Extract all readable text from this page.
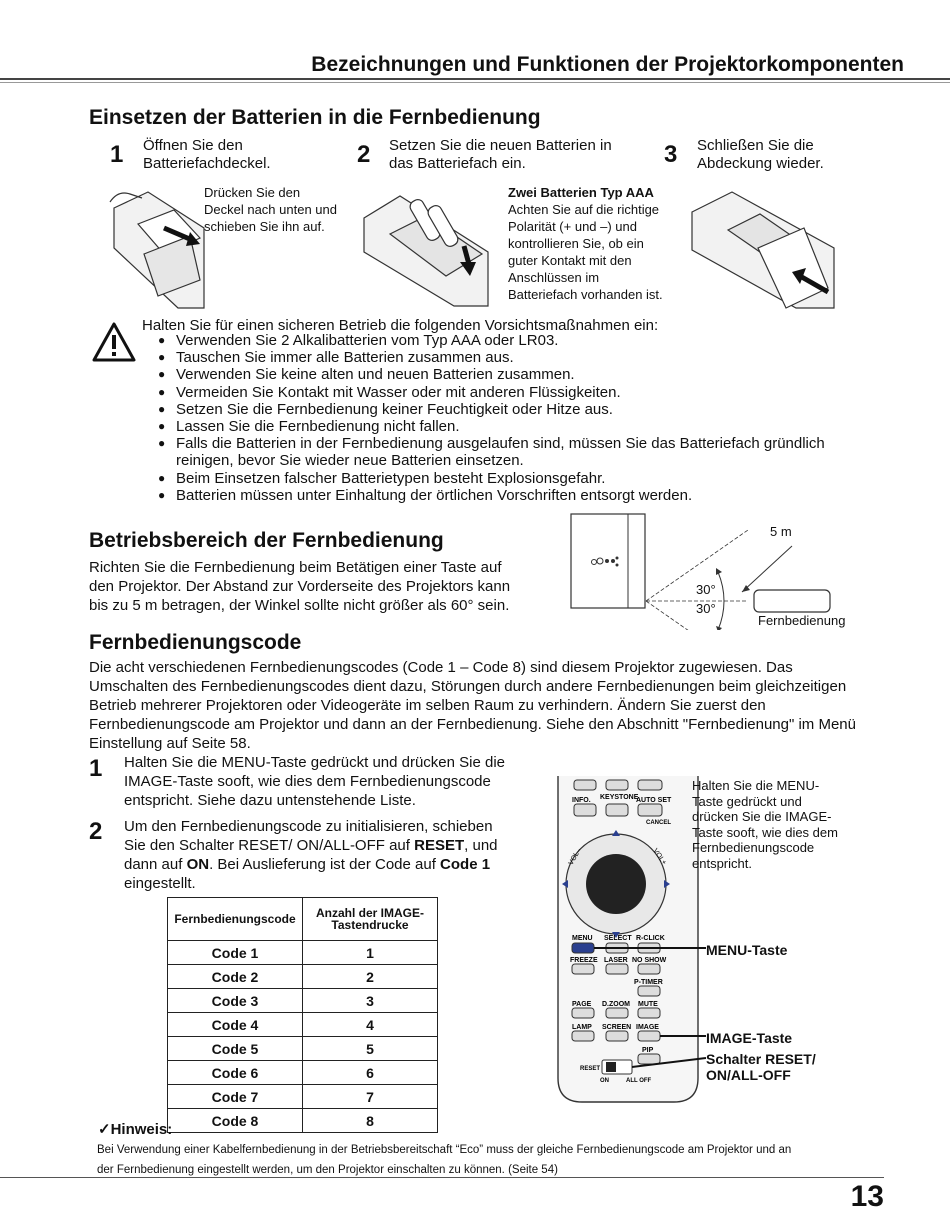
Bezeichnungen und Funktionen der Projektorkomponenten
Einsetzen der Batterien in die Fernbedienung
1 Öffnen Sie den
Batteriefachdeckel.	2 Setzen Sie die neuen Batterien in
das Batteriefach ein.	3 Schließen Sie die
Abdeckung wieder.
Drücken Sie den
Deckel nach unten und
schieben Sie ihn auf.
Zwei Batterien Typ AAA
Achten Sie auf die richtige
Polarität (+ und –) und
kontrollieren Sie, ob ein
guter Kontakt mit den
Anschlüssen im
Batteriefach vorhanden ist.
Halten Sie für einen sicheren Betrieb die folgenden Vorsichtsmaßnahmen ein:
● Verwenden Sie 2 Alkalibatterien vom Typ AAA oder LR03.
● Tauschen Sie immer alle Batterien zusammen aus.
● Verwenden Sie keine alten und neuen Batterien zusammen.
● Vermeiden Sie Kontakt mit Wasser oder mit anderen Flüssigkeiten.
● Setzen Sie die Fernbedienung keiner Feuchtigkeit oder Hitze aus.
● Lassen Sie die Fernbedienung nicht fallen.
● Falls die Batterien in der Fernbedienung ausgelaufen sind, müssen Sie das Batteriefach gründlich
reinigen, bevor Sie wieder neue Batterien einsetzen.
● Beim Einsetzen falscher Batterietypen besteht Explosionsgefahr.
● Batterien müssen unter Einhaltung der örtlichen Vorschriften entsorgt werden.
Betriebsbereich der Fernbedienung
Richten Sie die Fernbedienung beim Betätigen einer Taste auf
den Projektor. Der Abstand zur Vorderseite des Projektors kann
bis zu 5 m betragen, der Winkel sollte nicht größer als 60° sein.
5 m
30°
30°
Fernbedienung
Fernbedienungscode
Die acht verschiedenen Fernbedienungscodes (Code 1 – Code 8) sind diesem Projektor zugewiesen. Das
Umschalten des Fernbedienungscodes dient dazu, Störungen durch andere Fernbedienungen beim gleichzeitigen
Betrieb mehrerer Projektoren oder Videogeräte im selben Raum zu verhindern. Ändern Sie zuerst den
Fernbedienungscode am Projektor und dann an der Fernbedienung. Siehe den Abschnitt "Fernbedienung" im Menü
Einstellung auf Seite 58.
1 Halten Sie die MENU-Taste gedrückt und drücken Sie die
IMAGE-Taste sooft, wie dies dem Fernbedienungscode
entspricht. Siehe dazu untenstehende Liste.
2 Um den Fernbedienungscode zu initialisieren, schieben
Sie den Schalter RESET/ ON/ALL-OFF auf RESET, und
dann auf ON. Bei Auslieferung ist der Code auf Code 1
eingestellt.
Fernbedienungscode	Anzahl der IMAGE-
Tastendrucke
Code 1	1
Code 2	2
Code 3	3
Code 4	4
Code 5	5
Code 6	6
Code 7	7
Code 8	8
INFO. KEYSTONE
AUTO SET
CANCEL
VOL–	VOL+
MENU SELECT R-CLICK
FREEZE LASER NO SHOW
P-TIMER
PAGE D.ZOOM MUTE
LAMP SCREEN IMAGE
PIP
RESET
ON	ALL OFF
Halten Sie die MENU-
Taste gedrückt und
drücken Sie die IMAGE-
Taste sooft, wie dies dem
Fernbedienungscode
entspricht.
MENU-Taste
IMAGE-Taste
Schalter RESET/
ON/ALL-OFF
✓Hinweis:
Bei Verwendung einer Kabelfernbedienung in der Betriebsbereitschaft “Eco” muss der gleiche Fernbedienungscode am Projektor und an
der Fernbedienung eingestellt werden, um den Projektor einschalten zu können. (Seite 54)
13
